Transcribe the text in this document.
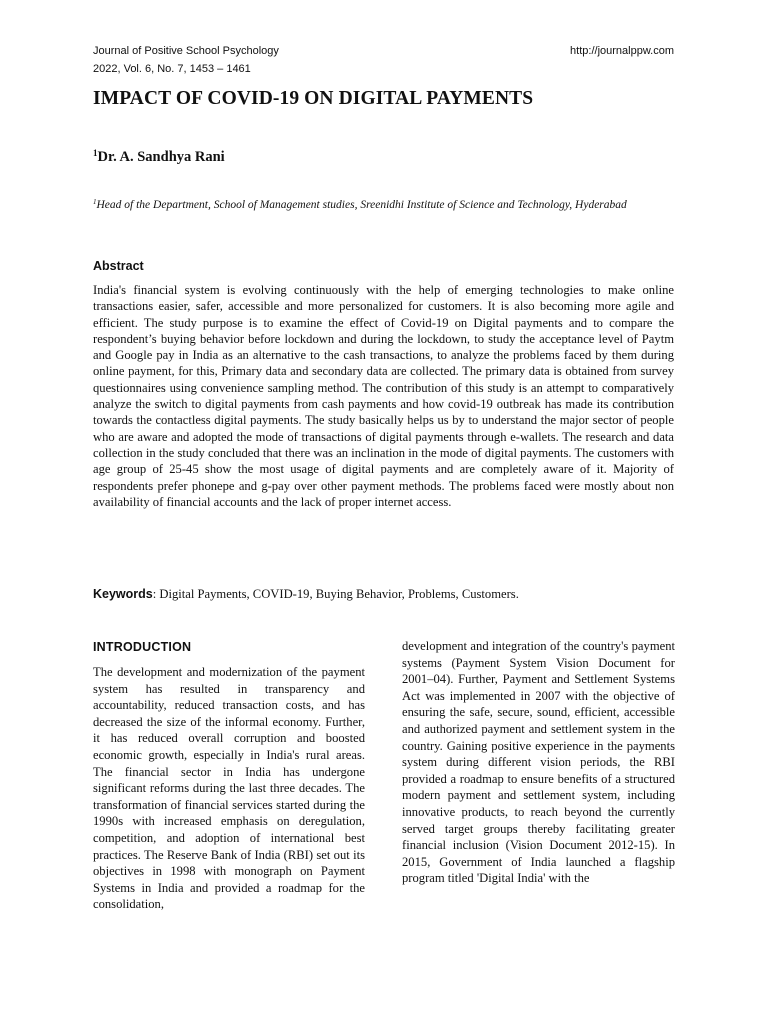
Journal of Positive School Psychology
2022, Vol. 6, No. 7, 1453 – 1461
http://journalppw.com
IMPACT OF COVID-19 ON DIGITAL PAYMENTS
$^1$Dr. A. Sandhya Rani
$^1$Head of the Department, School of Management studies, Sreenidhi Institute of Science and Technology, Hyderabad
Abstract

India's financial system is evolving continuously with the help of emerging technologies to make online transactions easier, safer, accessible and more personalized for customers. It is also becoming more agile and efficient. The study purpose is to examine the effect of Covid-19 on Digital payments and to compare the respondent’s buying behavior before lockdown and during the lockdown, to study the acceptance level of Paytm and Google pay in India as an alternative to the cash transactions, to analyze the problems faced by them during online payment, for this, Primary data and secondary data are collected. The primary data is obtained from survey questionnaires using convenience sampling method. The contribution of this study is an attempt to comparatively analyze the switch to digital payments from cash payments and how covid-19 outbreak has made its contribution towards the contactless digital payments. The study basically helps us by to understand the major sector of people who are aware and adopted the mode of transactions of digital payments through e-wallets. The research and data collection in the study concluded that there was an inclination in the mode of digital payments. The customers with age group of 25-45 show the most usage of digital payments and are completely aware of it. Majority of respondents prefer phonepe and g-pay over other payment methods. The problems faced were mostly about non availability of financial accounts and the lack of proper internet access.

Keywords: Digital Payments, COVID-19, Buying Behavior, Problems, Customers.
INTRODUCTION

The development and modernization of the payment system has resulted in transparency and accountability, reduced transaction costs, and has decreased the size of the informal economy. Further, it has reduced overall corruption and boosted economic growth, especially in India's rural areas. The financial sector in India has undergone significant reforms during the last three decades. The transformation of financial services started during the 1990s with increased emphasis on deregulation, competition, and adoption of international best practices. The Reserve Bank of India (RBI) set out its objectives in 1998 with monograph on Payment Systems in India and provided a roadmap for the consolidation,

development and integration of the country's payment systems (Payment System Vision Document for 2001–04). Further, Payment and Settlement Systems Act was implemented in 2007 with the objective of ensuring the safe, secure, sound, efficient, accessible and authorized payment and settlement system in the country. Gaining positive experience in the payments system during different vision periods, the RBI provided a roadmap to ensure benefits of a structured modern payment and settlement system, including innovative products, to reach beyond the currently served target groups thereby facilitating greater financial inclusion (Vision Document 2012-15). In 2015, Government of India launched a flagship program titled 'Digital India' with the
